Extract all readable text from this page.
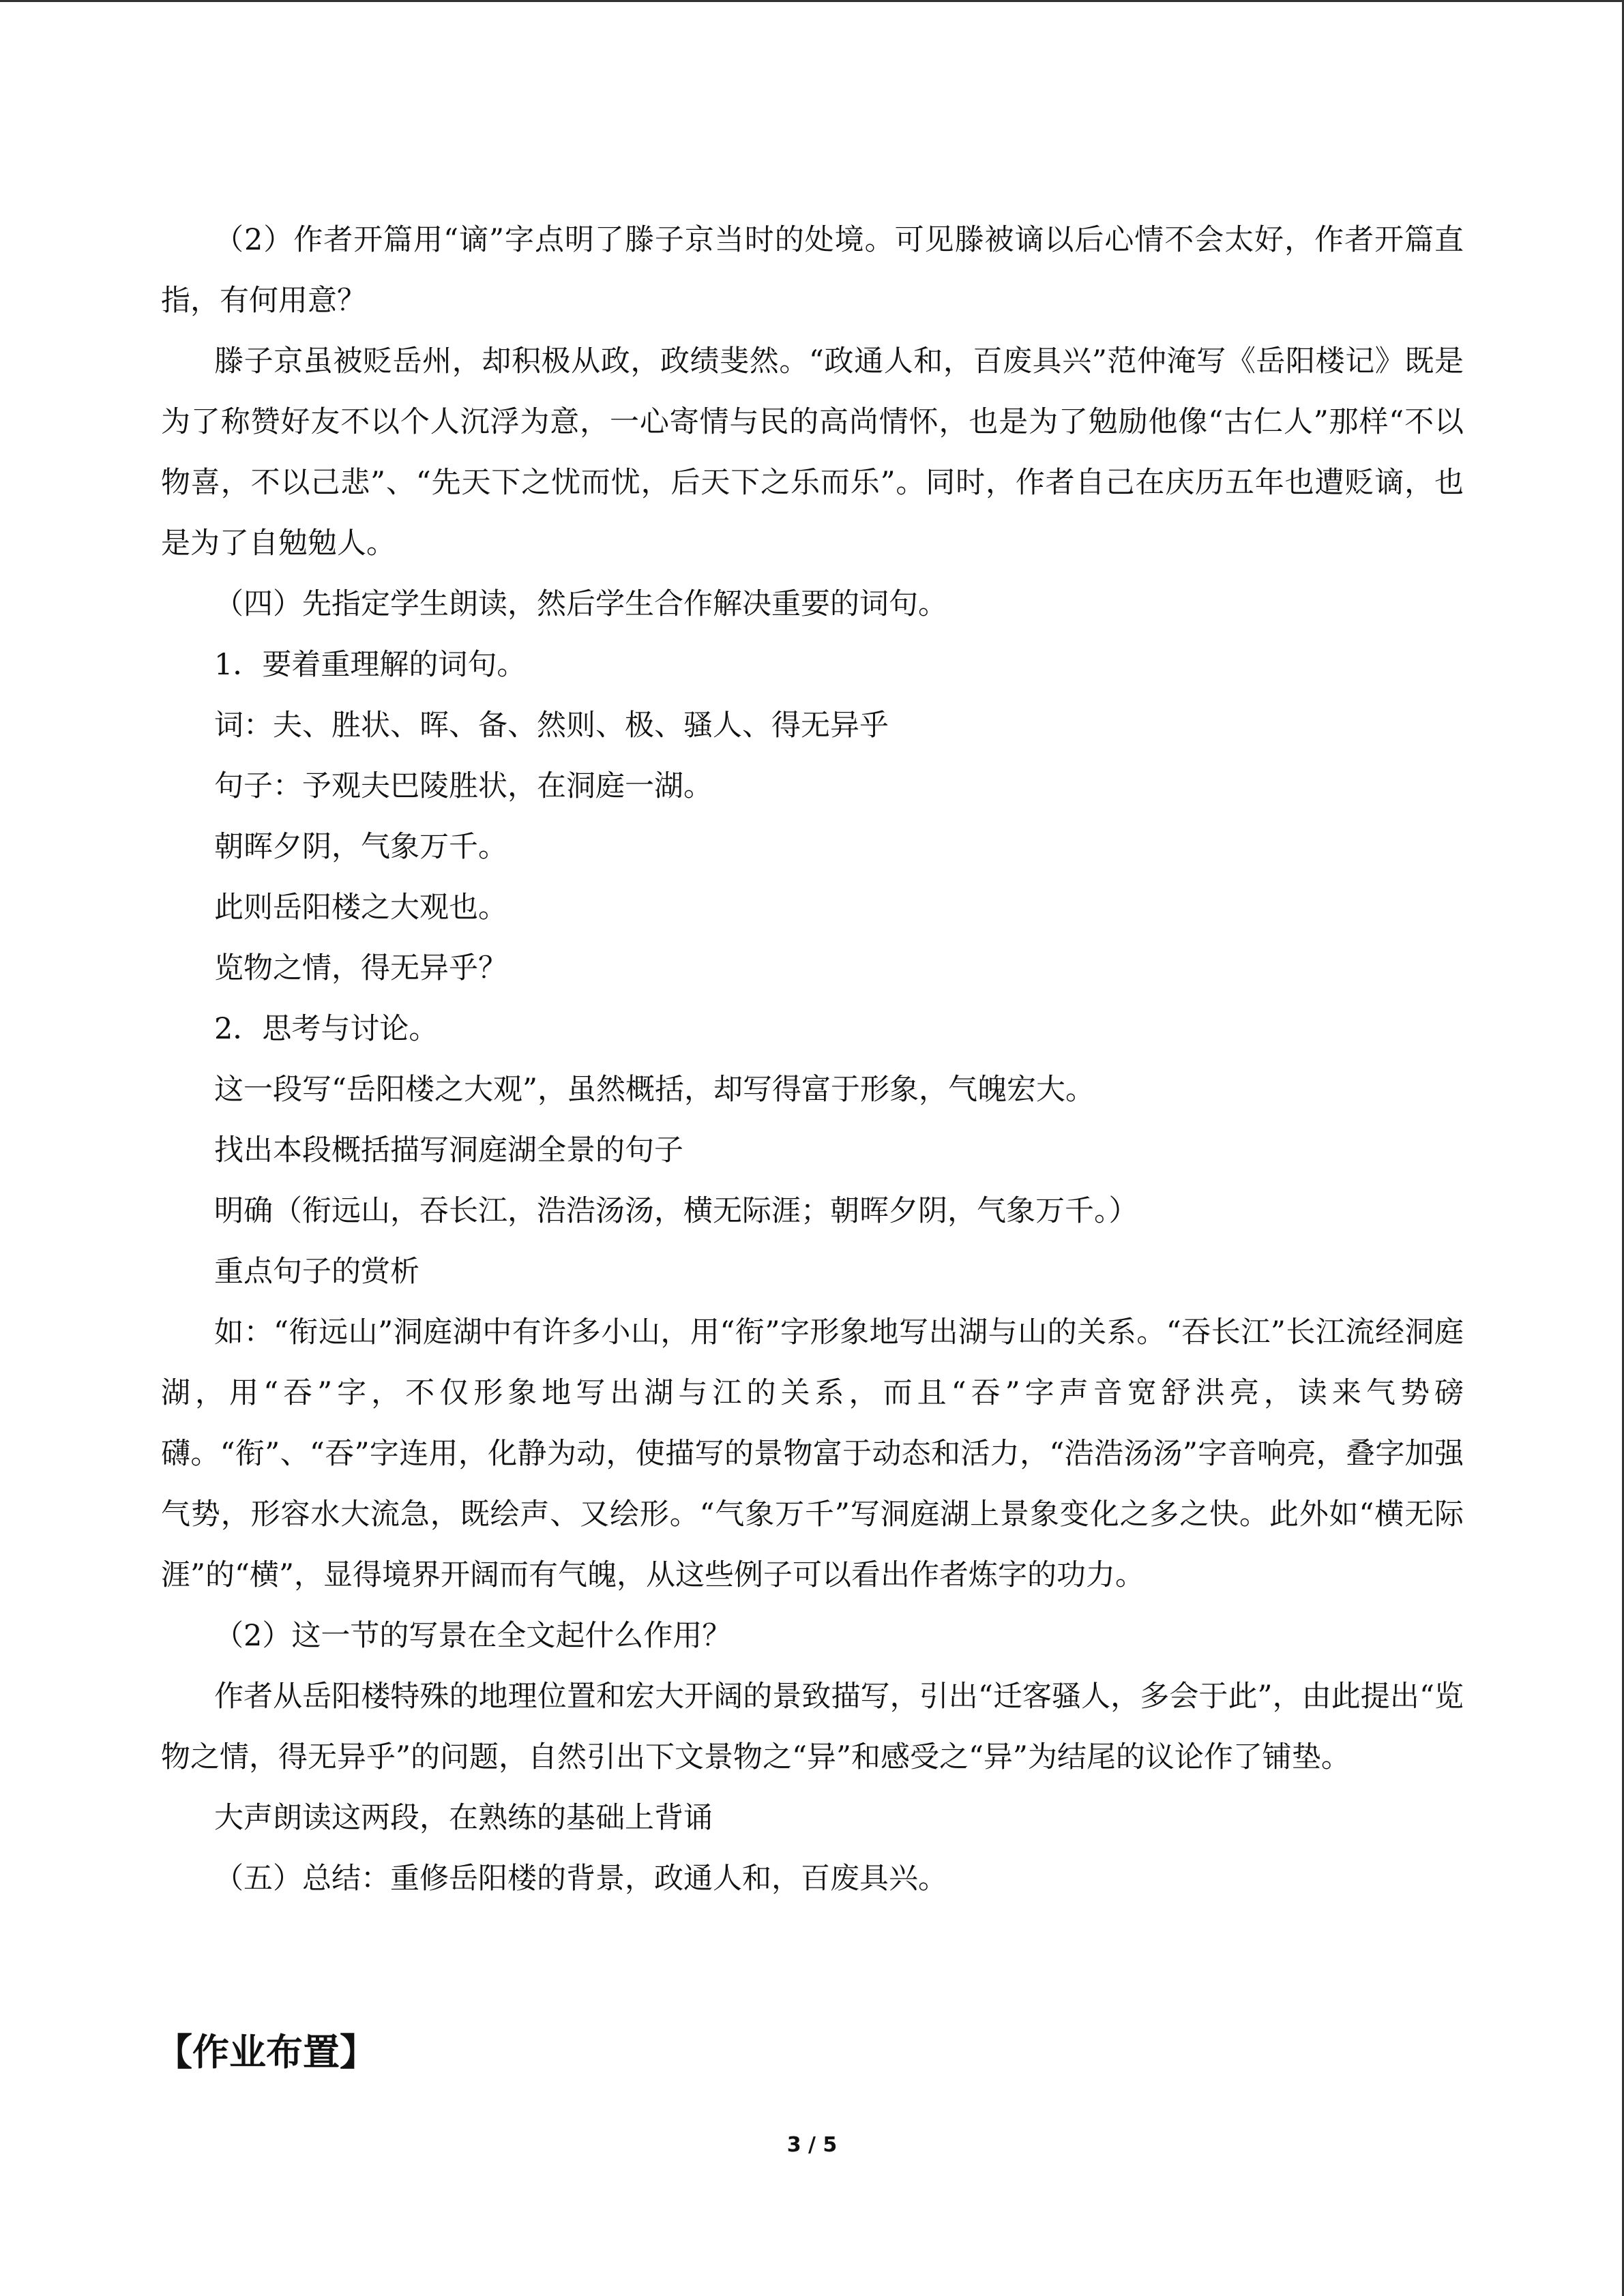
（2）作者开篇用“谪”字点明了滕子京当时的处境。可见滕被谪以后心情不会太好，作者开篇直指，有何用意？

滕子京虽被贬岳州，却积极从政，政绩斐然。“政通人和，百废具兴”范仲淹写《岳阳楼记》既是为了称赞好友不以个人沉浮为意，一心寄情与民的高尚情怀，也是为了勉励他像“古仁人”那样“不以物喜，不以己悲”、“先天下之忧而忧，后天下之乐而乐”。同时，作者自己在庆历五年也遭贬谪，也是为了自勉勉人。

（四）先指定学生朗读，然后学生合作解决重要的词句。

1．要着重理解的词句。

词：夫、胜状、晖、备、然则、极、骚人、得无异乎

句子：予观夫巴陵胜状，在洞庭一湖。

朝晖夕阴，气象万千。

此则岳阳楼之大观也。

览物之情，得无异乎？

2．思考与讨论。

这一段写“岳阳楼之大观”，虽然概括，却写得富于形象，气魄宏大。

找出本段概括描写洞庭湖全景的句子

明确（衔远山，吞长江，浩浩汤汤，横无际涯；朝晖夕阴，气象万千。）

重点句子的赏析

如：“衔远山”洞庭湖中有许多小山，用“衔”字形象地写出湖与山的关系。“吞长江”长江流经洞庭湖，用“吞”字，不仅形象地写出湖与江的关系，而且“吞”字声音宽舒洪亮，读来气势磅礴。“衔”、“吞”字连用，化静为动，使描写的景物富于动态和活力，“浩浩汤汤”字音响亮，叠字加强气势，形容水大流急，既绘声、又绘形。“气象万千”写洞庭湖上景象变化之多之快。此外如“横无际涯”的“横”，显得境界开阔而有气魄，从这些例子可以看出作者炼字的功力。

（2）这一节的写景在全文起什么作用？

作者从岳阳楼特殊的地理位置和宏大开阔的景致描写，引出“迁客骚人，多会于此”，由此提出“览物之情，得无异乎”的问题，自然引出下文景物之“异”和感受之“异”为结尾的议论作了铺垫。

大声朗读这两段，在熟练的基础上背诵

（五）总结：重修岳阳楼的背景，政通人和，百废具兴。

【作业布置】
3 / 5
